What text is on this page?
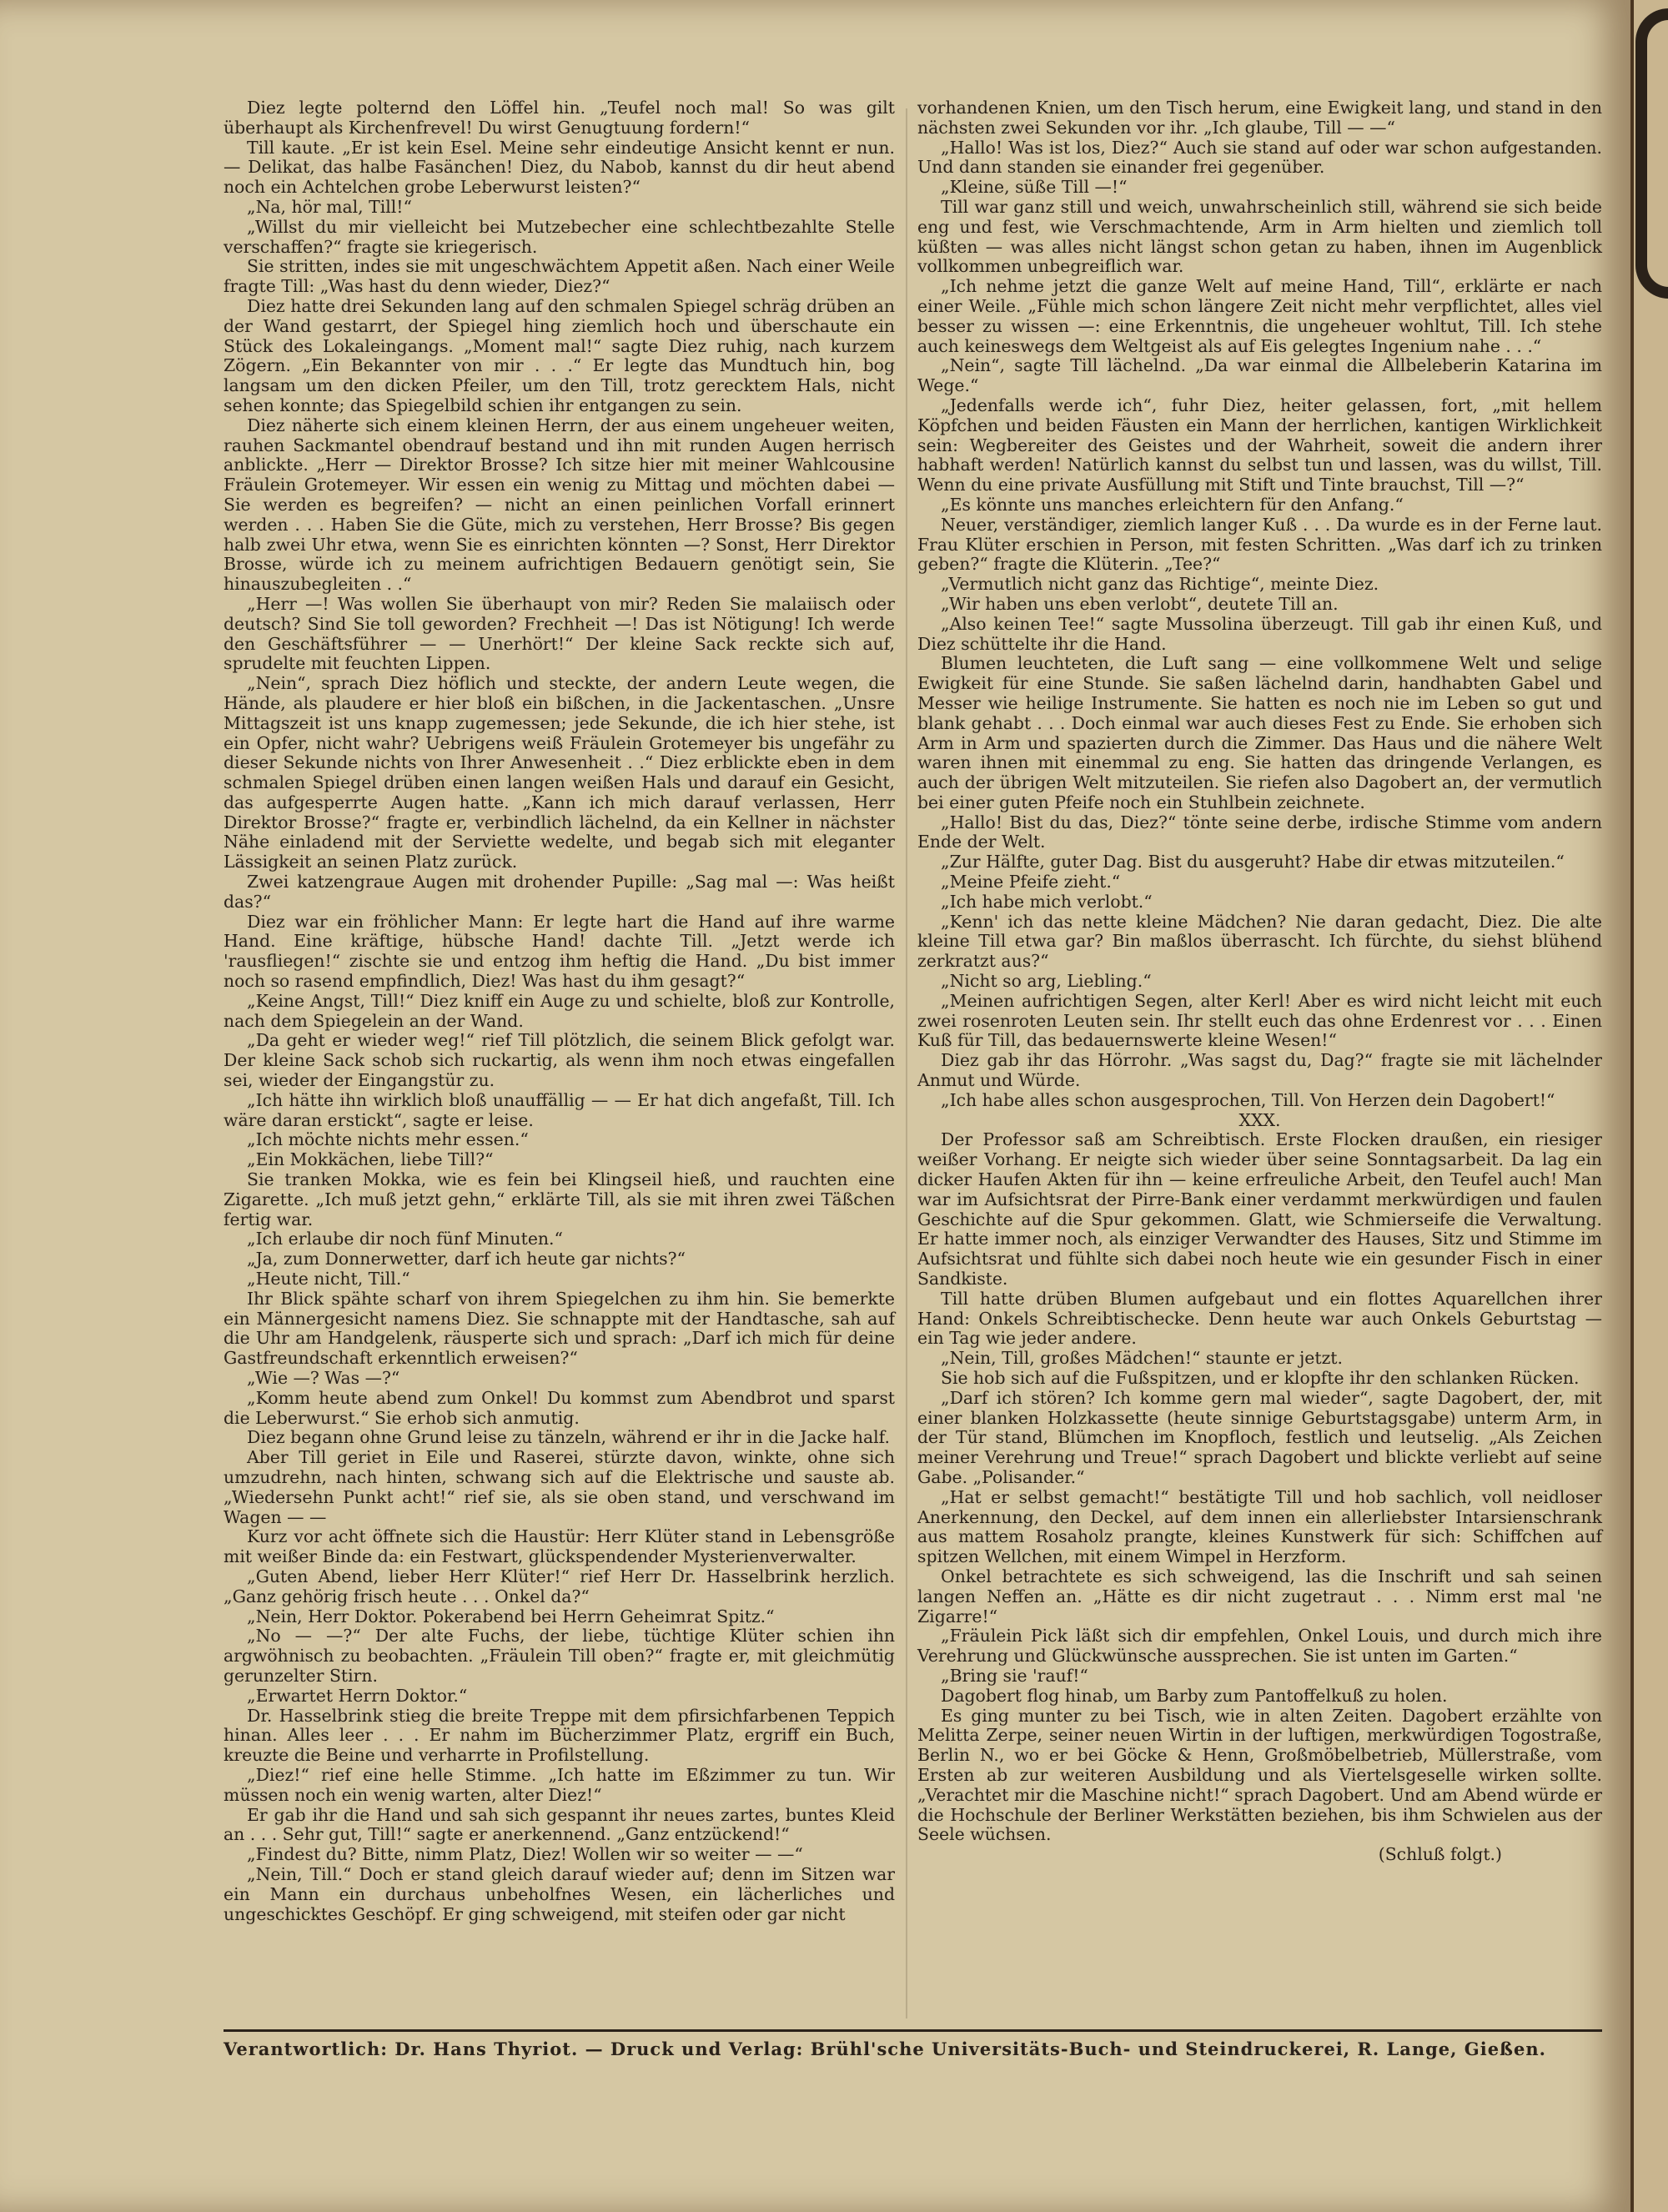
Diez legte polternd den Löffel hin. „Teufel noch mal! So was gilt überhaupt als Kirchenfrevel! Du wirst Genugtuung fordern!“

Till kaute. „Er ist kein Esel. Meine sehr eindeutige Ansicht kennt er nun. — Delikat, das halbe Fasänchen! Diez, du Nabob, kannst du dir heut abend noch ein Achtelchen grobe Leberwurst leisten?“

„Na, hör mal, Till!“

„Willst du mir vielleicht bei Mutzebecher eine schlechtbezahlte Stelle verschaffen?“ fragte sie kriegerisch.

Sie stritten, indes sie mit ungeschwächtem Appetit aßen. Nach einer Weile fragte Till: „Was hast du denn wieder, Diez?“

Diez hatte drei Sekunden lang auf den schmalen Spiegel schräg drüben an der Wand gestarrt, der Spiegel hing ziemlich hoch und überschaute ein Stück des Lokaleingangs. „Moment mal!“ sagte Diez ruhig, nach kurzem Zögern. „Ein Bekannter von mir . . .“ Er legte das Mundtuch hin, bog langsam um den dicken Pfeiler, um den Till, trotz gerecktem Hals, nicht sehen konnte; das Spiegelbild schien ihr entgangen zu sein.

Diez näherte sich einem kleinen Herrn, der aus einem ungeheuer weiten, rauhen Sackmantel obendrauf bestand und ihn mit runden Augen herrisch anblickte. „Herr — Direktor Brosse? Ich sitze hier mit meiner Wahlcousine Fräulein Grotemeyer. Wir essen ein wenig zu Mittag und möchten dabei — Sie werden es begreifen? — nicht an einen peinlichen Vorfall erinnert werden . . . Haben Sie die Güte, mich zu verstehen, Herr Brosse? Bis gegen halb zwei Uhr etwa, wenn Sie es einrichten könnten —? Sonst, Herr Direktor Brosse, würde ich zu meinem aufrichtigen Bedauern genötigt sein, Sie hinauszubegleiten . .“

„Herr —! Was wollen Sie überhaupt von mir? Reden Sie malaiisch oder deutsch? Sind Sie toll geworden? Frechheit —! Das ist Nötigung! Ich werde den Geschäftsführer — — Unerhört!“ Der kleine Sack reckte sich auf, sprudelte mit feuchten Lippen.

„Nein“, sprach Diez höflich und steckte, der andern Leute wegen, die Hände, als plaudere er hier bloß ein bißchen, in die Jackentaschen. „Unsre Mittagszeit ist uns knapp zugemessen; jede Sekunde, die ich hier stehe, ist ein Opfer, nicht wahr? Uebrigens weiß Fräulein Grotemeyer bis ungefähr zu dieser Sekunde nichts von Ihrer Anwesenheit . .“ Diez erblickte eben in dem schmalen Spiegel drüben einen langen weißen Hals und darauf ein Gesicht, das aufgesperrte Augen hatte. „Kann ich mich darauf verlassen, Herr Direktor Brosse?“ fragte er, verbindlich lächelnd, da ein Kellner in nächster Nähe einladend mit der Serviette wedelte, und begab sich mit eleganter Lässigkeit an seinen Platz zurück.

Zwei katzengraue Augen mit drohender Pupille: „Sag mal —: Was heißt das?“

Diez war ein fröhlicher Mann: Er legte hart die Hand auf ihre warme Hand. Eine kräftige, hübsche Hand! dachte Till. „Jetzt werde ich 'rausfliegen!“ zischte sie und entzog ihm heftig die Hand. „Du bist immer noch so rasend empfindlich, Diez! Was hast du ihm gesagt?“

„Keine Angst, Till!“ Diez kniff ein Auge zu und schielte, bloß zur Kontrolle, nach dem Spiegelein an der Wand.

„Da geht er wieder weg!“ rief Till plötzlich, die seinem Blick gefolgt war. Der kleine Sack schob sich ruckartig, als wenn ihm noch etwas eingefallen sei, wieder der Eingangstür zu.

„Ich hätte ihn wirklich bloß unauffällig — — Er hat dich angefaßt, Till. Ich wäre daran erstickt“, sagte er leise.

„Ich möchte nichts mehr essen.“

„Ein Mokkächen, liebe Till?“

Sie tranken Mokka, wie es fein bei Klingseil hieß, und rauchten eine Zigarette. „Ich muß jetzt gehn,“ erklärte Till, als sie mit ihren zwei Täßchen fertig war.

„Ich erlaube dir noch fünf Minuten.“

„Ja, zum Donnerwetter, darf ich heute gar nichts?“

„Heute nicht, Till.“

Ihr Blick spähte scharf von ihrem Spiegelchen zu ihm hin. Sie bemerkte ein Männergesicht namens Diez. Sie schnappte mit der Handtasche, sah auf die Uhr am Handgelenk, räusperte sich und sprach: „Darf ich mich für deine Gastfreundschaft erkenntlich erweisen?“

„Wie —? Was —?“

„Komm heute abend zum Onkel! Du kommst zum Abendbrot und sparst die Leberwurst.“ Sie erhob sich anmutig.

Diez begann ohne Grund leise zu tänzeln, während er ihr in die Jacke half.

Aber Till geriet in Eile und Raserei, stürzte davon, winkte, ohne sich umzudrehn, nach hinten, schwang sich auf die Elektrische und sauste ab. „Wiedersehn Punkt acht!“ rief sie, als sie oben stand, und verschwand im Wagen — —

Kurz vor acht öffnete sich die Haustür: Herr Klüter stand in Lebensgröße mit weißer Binde da: ein Festwart, glückspendender Mysterienverwalter.

„Guten Abend, lieber Herr Klüter!“ rief Herr Dr. Hasselbrink herzlich. „Ganz gehörig frisch heute . . . Onkel da?“

„Nein, Herr Doktor. Pokerabend bei Herrn Geheimrat Spitz.“

„No — —?“ Der alte Fuchs, der liebe, tüchtige Klüter schien ihn argwöhnisch zu beobachten. „Fräulein Till oben?“ fragte er, mit gleichmütig gerunzelter Stirn.

„Erwartet Herrn Doktor.“

Dr. Hasselbrink stieg die breite Treppe mit dem pfirsichfarbenen Teppich hinan. Alles leer . . . Er nahm im Bücherzimmer Platz, ergriff ein Buch, kreuzte die Beine und verharrte in Profilstellung.

„Diez!“ rief eine helle Stimme. „Ich hatte im Eßzimmer zu tun. Wir müssen noch ein wenig warten, alter Diez!“

Er gab ihr die Hand und sah sich gespannt ihr neues zartes, buntes Kleid an . . . Sehr gut, Till!“ sagte er anerkennend. „Ganz entzückend!“

„Findest du? Bitte, nimm Platz, Diez! Wollen wir so weiter — —“

„Nein, Till.“ Doch er stand gleich darauf wieder auf; denn im Sitzen war ein Mann ein durchaus unbeholfnes Wesen, ein lächerliches und ungeschicktes Geschöpf. Er ging schweigend, mit steifen oder gar nicht

vorhandenen Knien, um den Tisch herum, eine Ewigkeit lang, und stand in den nächsten zwei Sekunden vor ihr. „Ich glaube, Till — —“

„Hallo! Was ist los, Diez?“ Auch sie stand auf oder war schon aufgestanden. Und dann standen sie einander frei gegenüber.

„Kleine, süße Till —!“

Till war ganz still und weich, unwahrscheinlich still, während sie sich beide eng und fest, wie Verschmachtende, Arm in Arm hielten und ziemlich toll küßten — was alles nicht längst schon getan zu haben, ihnen im Augenblick vollkommen unbegreiflich war.

„Ich nehme jetzt die ganze Welt auf meine Hand, Till“, erklärte er nach einer Weile. „Fühle mich schon längere Zeit nicht mehr verpflichtet, alles viel besser zu wissen —: eine Erkenntnis, die ungeheuer wohltut, Till. Ich stehe auch keineswegs dem Weltgeist als auf Eis gelegtes Ingenium nahe . . .“

„Nein“, sagte Till lächelnd. „Da war einmal die Allbeleberin Katarina im Wege.“

„Jedenfalls werde ich“, fuhr Diez, heiter gelassen, fort, „mit hellem Köpfchen und beiden Fäusten ein Mann der herrlichen, kantigen Wirklichkeit sein: Wegbereiter des Geistes und der Wahrheit, soweit die andern ihrer habhaft werden! Natürlich kannst du selbst tun und lassen, was du willst, Till. Wenn du eine private Ausfüllung mit Stift und Tinte brauchst, Till —?“

„Es könnte uns manches erleichtern für den Anfang.“

Neuer, verständiger, ziemlich langer Kuß . . . Da wurde es in der Ferne laut. Frau Klüter erschien in Person, mit festen Schritten. „Was darf ich zu trinken geben?“ fragte die Klüterin. „Tee?“

„Vermutlich nicht ganz das Richtige“, meinte Diez.

„Wir haben uns eben verlobt“, deutete Till an.

„Also keinen Tee!“ sagte Mussolina überzeugt. Till gab ihr einen Kuß, und Diez schüttelte ihr die Hand.

Blumen leuchteten, die Luft sang — eine vollkommene Welt und selige Ewigkeit für eine Stunde. Sie saßen lächelnd darin, handhabten Gabel und Messer wie heilige Instrumente. Sie hatten es noch nie im Leben so gut und blank gehabt . . . Doch einmal war auch dieses Fest zu Ende. Sie erhoben sich Arm in Arm und spazierten durch die Zimmer. Das Haus und die nähere Welt waren ihnen mit einemmal zu eng. Sie hatten das dringende Verlangen, es auch der übrigen Welt mitzuteilen. Sie riefen also Dagobert an, der vermutlich bei einer guten Pfeife noch ein Stuhlbein zeichnete.

„Hallo! Bist du das, Diez?“ tönte seine derbe, irdische Stimme vom andern Ende der Welt.

„Zur Hälfte, guter Dag. Bist du ausgeruht? Habe dir etwas mitzuteilen.“

„Meine Pfeife zieht.“

„Ich habe mich verlobt.“

„Kenn' ich das nette kleine Mädchen? Nie daran gedacht, Diez. Die alte kleine Till etwa gar? Bin maßlos überrascht. Ich fürchte, du siehst blühend zerkratzt aus?“

„Nicht so arg, Liebling.“

„Meinen aufrichtigen Segen, alter Kerl! Aber es wird nicht leicht mit euch zwei rosenroten Leuten sein. Ihr stellt euch das ohne Erdenrest vor . . . Einen Kuß für Till, das bedauernswerte kleine Wesen!“

Diez gab ihr das Hörrohr. „Was sagst du, Dag?“ fragte sie mit lächelnder Anmut und Würde.

„Ich habe alles schon ausgesprochen, Till. Von Herzen dein Dagobert!“

XXX.

Der Professor saß am Schreibtisch. Erste Flocken draußen, ein riesiger weißer Vorhang. Er neigte sich wieder über seine Sonntagsarbeit. Da lag ein dicker Haufen Akten für ihn — keine erfreuliche Arbeit, den Teufel auch! Man war im Aufsichtsrat der Pirre-Bank einer verdammt merkwürdigen und faulen Geschichte auf die Spur gekommen. Glatt, wie Schmierseife die Verwaltung. Er hatte immer noch, als einziger Verwandter des Hauses, Sitz und Stimme im Aufsichtsrat und fühlte sich dabei noch heute wie ein gesunder Fisch in einer Sandkiste.

Till hatte drüben Blumen aufgebaut und ein flottes Aquarellchen ihrer Hand: Onkels Schreibtischecke. Denn heute war auch Onkels Geburtstag — ein Tag wie jeder andere.

„Nein, Till, großes Mädchen!“ staunte er jetzt.

Sie hob sich auf die Fußspitzen, und er klopfte ihr den schlanken Rücken.

„Darf ich stören? Ich komme gern mal wieder“, sagte Dagobert, der, mit einer blanken Holzkassette (heute sinnige Geburtstagsgabe) unterm Arm, in der Tür stand, Blümchen im Knopfloch, festlich und leutselig. „Als Zeichen meiner Verehrung und Treue!“ sprach Dagobert und blickte verliebt auf seine Gabe. „Polisander.“

„Hat er selbst gemacht!“ bestätigte Till und hob sachlich, voll neidloser Anerkennung, den Deckel, auf dem innen ein allerliebster Intarsienschrank aus mattem Rosaholz prangte, kleines Kunstwerk für sich: Schiffchen auf spitzen Wellchen, mit einem Wimpel in Herzform.

Onkel betrachtete es sich schweigend, las die Inschrift und sah seinen langen Neffen an. „Hätte es dir nicht zugetraut . . . Nimm erst mal 'ne Zigarre!“

„Fräulein Pick läßt sich dir empfehlen, Onkel Louis, und durch mich ihre Verehrung und Glückwünsche aussprechen. Sie ist unten im Garten.“

„Bring sie 'rauf!“

Dagobert flog hinab, um Barby zum Pantoffelkuß zu holen.

Es ging munter zu bei Tisch, wie in alten Zeiten. Dagobert erzählte von Melitta Zerpe, seiner neuen Wirtin in der luftigen, merkwürdigen Togostraße, Berlin N., wo er bei Göcke & Henn, Großmöbelbetrieb, Müllerstraße, vom Ersten ab zur weiteren Ausbildung und als Viertelsgeselle wirken sollte. „Verachtet mir die Maschine nicht!“ sprach Dagobert. Und am Abend würde er die Hochschule der Berliner Werkstätten beziehen, bis ihm Schwielen aus der Seele wüchsen.

(Schluß folgt.)

Verantwortlich: Dr. Hans Thyriot. — Druck und Verlag: Brühl'sche Universitäts-Buch- und Steindruckerei, R. Lange, Gießen.
